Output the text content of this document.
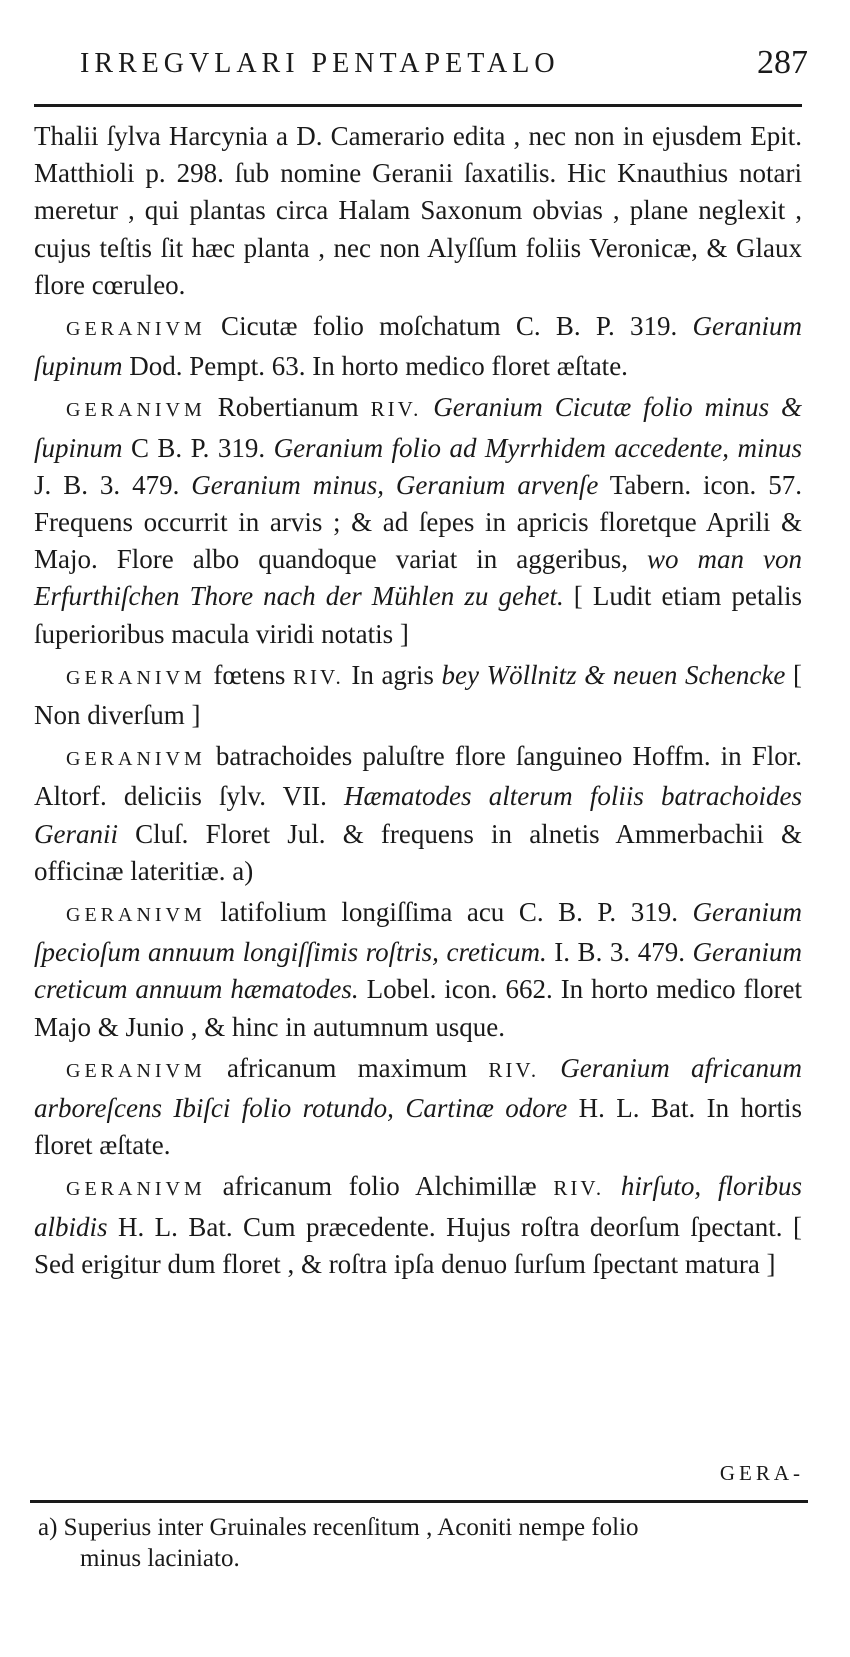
IRREGVLARI PENTAPETALO	287

Thalii ſylva Harcynia a D. Camerario edita , nec non in ejusdem Epit. Matthioli p. 298. ſub nomine Geranii ſaxatilis. Hic Knauthius notari meretur , qui plantas circa Halam Saxonum obvias , plane neglexit , cujus teſtis ſit hæc planta , nec non Alyſſum foliis Veronicæ, & Glaux flore cœruleo.

GERANIVM Cicutæ folio moſchatum C. B. P. 319. Geranium ſupinum Dod. Pempt. 63. In horto medico floret æſtate.

GERANIVM Robertianum RIV. Geranium Cicutæ folio minus & ſupinum C B. P. 319. Geranium folio ad Myrrhidem accedente, minus J. B. 3. 479. Geranium minus, Geranium arvenſe Tabern. icon. 57. Frequens occurrit in arvis ; & ad ſepes in apricis floretque Aprili & Majo. Flore albo quandoque variat in aggeribus, wo man von Erfurthiſchen Thore nach der Mühlen zu gehet. [ Ludit etiam petalis ſuperioribus macula viridi notatis ]

GERANIVM fœtens RIV. In agris bey Wöllnitz & neuen Schencke [ Non diverſum ]

GERANIVM batrachoides paluſtre flore ſanguineo Hoffm. in Flor. Altorf. deliciis ſylv. VII. Hæmatodes alterum foliis batrachoides Geranii Cluſ. Floret Jul. & frequens in alnetis Ammerbachii & officinæ lateritiæ. a)

GERANIVM latifolium longiſſima acu C. B. P. 319. Geranium ſpecioſum annuum longiſſimis roſtris, creticum. I. B. 3. 479. Geranium creticum annuum hæmatodes. Lobel. icon. 662. In horto medico floret Majo & Junio , & hinc in autumnum usque.

GERANIVM africanum maximum RIV. Geranium africanum arboreſcens Ibiſci folio rotundo, Cartinæ odore H. L. Bat. In hortis floret æſtate.

GERANIVM africanum folio Alchimillæ RIV. hirſuto, floribus albidis H. L. Bat. Cum præcedente. Hujus roſtra deorſum ſpectant. [ Sed erigitur dum floret , & roſtra ipſa denuo ſurſum ſpectant matura ]

GERA-
a) Superius inter Gruinales recenſitum , Aconiti nempe folio
minus laciniato.
